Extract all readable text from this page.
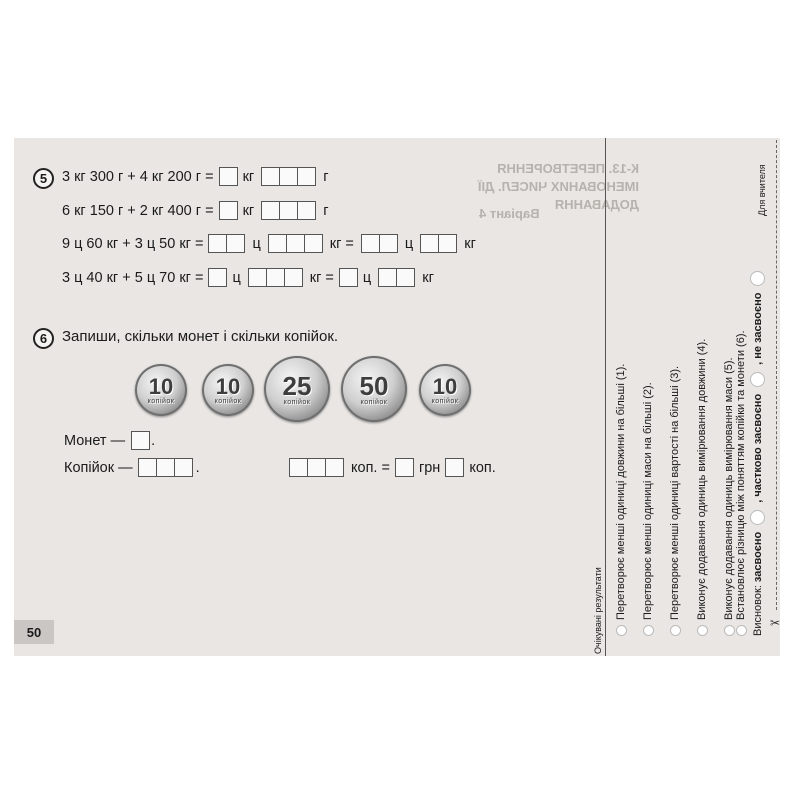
К-13. ПЕРЕТВОРЕННЯ ІМЕНОВАНИХ ЧИСЕЛ. ДІЇ ДОДАВАННЯ
Варіант 4
5	3 кг 300 г + 4 кг 200 г = кг	г
6 кг 150 г + 2 кг 400 г = кг	г
9 ц 60 кг + 3 ц 50 кг =	ц	кг =	ц	кг
3 ц 40 кг + 5 ц 70 кг = ц	кг = ц	кг
6 Запиши, скільки монет і скільки копійок.
10
копійок
10
копійок
25
копійок
50
копійок
10
копійок
Монет — .
Копійок —	.	коп. = грн коп.
50	Очікувані результати Перетворює менші одиниці довжини на більші (1). Перетворює менші одиниці маси на більші (2). Перетворює менші одиниці вартості на більші (3). Виконує додавання одиниць вимірювання довжини (4). Виконує додавання одиниць вимірювання маси (5). Висновок:
засвоєно
, частково засвоєно
, не засвоєно
Встановлює різницю між поняттям копійки та монети (6).
Для вчителя
✂
